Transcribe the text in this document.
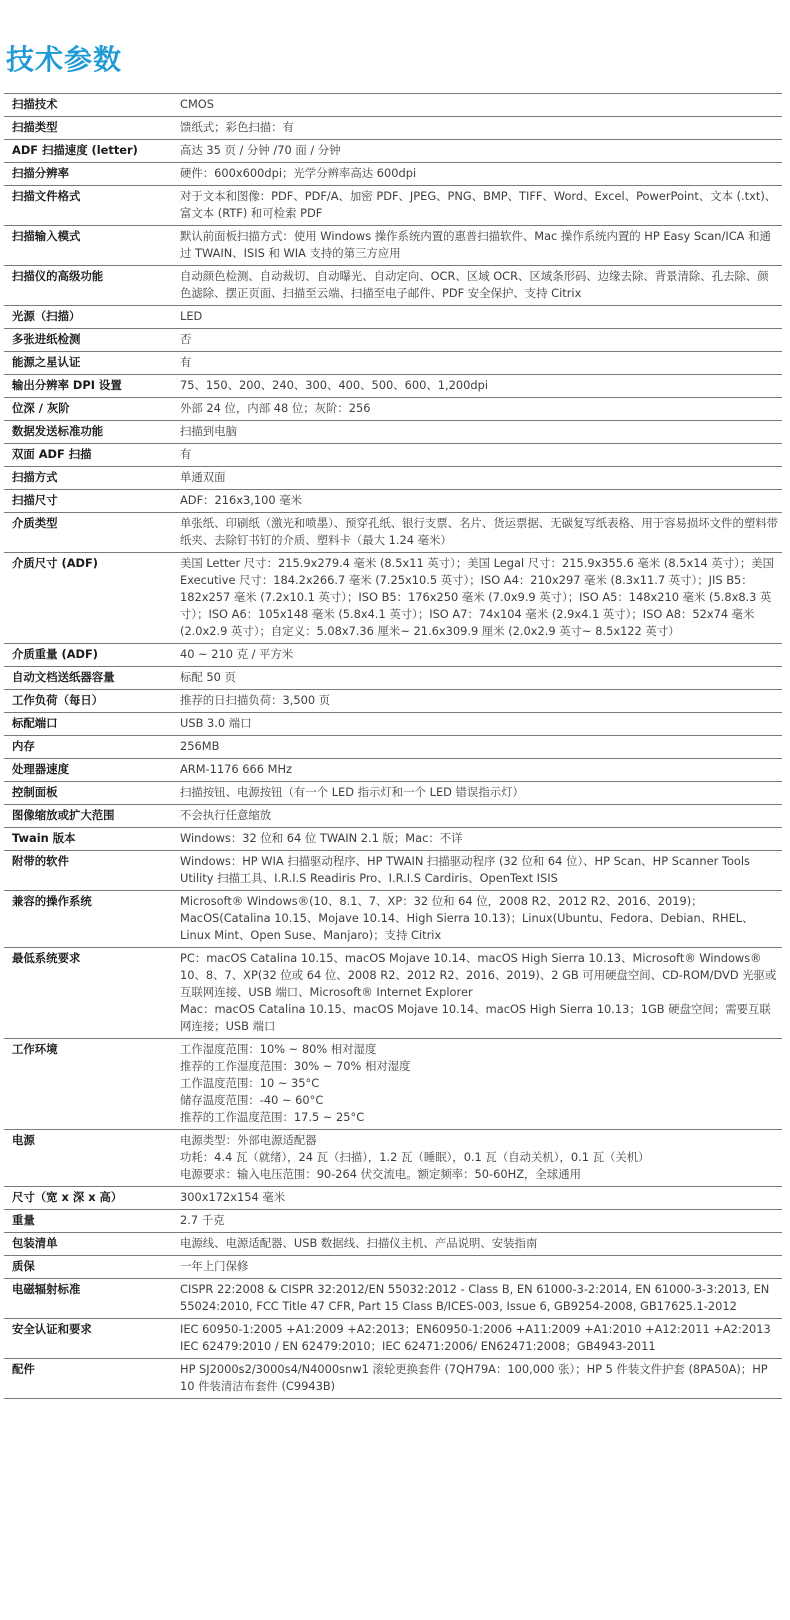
技术参数
扫描技术	CMOS
扫描类型	馈纸式；彩色扫描：有
ADF 扫描速度 (letter)	高达 35 页 / 分钟 /70 面 / 分钟
扫描分辨率	硬件：600x600dpi；光学分辨率高达 600dpi
扫描文件格式	对于文本和图像：PDF、PDF/A、加密 PDF、JPEG、PNG、BMP、TIFF、Word、Excel、PowerPoint、文本 (.txt)、富文本 (RTF) 和可检索 PDF
扫描输入模式	默认前面板扫描方式：使用 Windows 操作系统内置的惠普扫描软件、Mac 操作系统内置的 HP Easy Scan/ICA 和通过 TWAIN、ISIS 和 WIA 支持的第三方应用
扫描仪的高级功能	自动颜色检测、自动裁切、自动曝光、自动定向、OCR、区域 OCR、区域条形码、边缘去除、背景清除、孔去除、颜色滤除、摆正页面、扫描至云端、扫描至电子邮件、PDF 安全保护、支持 Citrix
光源（扫描）	LED
多张进纸检测	否
能源之星认证	有
输出分辨率 DPI 设置	75、150、200、240、300、400、500、600、1,200dpi
位深 / 灰阶	外部 24 位，内部 48 位；灰阶：256
数据发送标准功能	扫描到电脑
双面 ADF 扫描	有
扫描方式	单通双面
扫描尺寸	ADF：216x3,100 毫米
介质类型	单张纸、印刷纸（激光和喷墨）、预穿孔纸、银行支票、名片、货运票据、无碳复写纸表格、用于容易损坏文件的塑料带纸夹、去除钉书钉的介质、塑料卡（最大 1.24 毫米）
介质尺寸 (ADF)	美国 Letter 尺寸：215.9x279.4 毫米 (8.5x11 英寸）；美国 Legal 尺寸：215.9x355.6 毫米 (8.5x14 英寸）；美国 Executive 尺寸：184.2x266.7 毫米 (7.25x10.5 英寸）；ISO A4：210x297 毫米 (8.3x11.7 英寸）；JIS B5：182x257 毫米 (7.2x10.1 英寸）；ISO B5：176x250 毫米 (7.0x9.9 英寸）；ISO A5：148x210 毫米 (5.8x8.3 英寸）；ISO A6：105x148 毫米 (5.8x4.1 英寸）；ISO A7：74x104 毫米 (2.9x4.1 英寸）；ISO A8：52x74 毫米 (2.0x2.9 英寸）；自定义：5.08x7.36 厘米~ 21.6x309.9 厘米 (2.0x2.9 英寸~ 8.5x122 英寸）
介质重量 (ADF)	40 ~ 210 克 / 平方米
自动文档送纸器容量	标配 50 页
工作负荷（每日）	推荐的日扫描负荷：3,500 页
标配端口	USB 3.0 端口
内存	256MB
处理器速度	ARM-1176 666 MHz
控制面板	扫描按钮、电源按钮（有一个 LED 指示灯和一个 LED 错误指示灯）
图像缩放或扩大范围	不会执行任意缩放
Twain 版本	Windows：32 位和 64 位 TWAIN 2.1 版；Mac：不详
附带的软件	Windows：HP WIA 扫描驱动程序、HP TWAIN 扫描驱动程序 (32 位和 64 位）、HP Scan、HP Scanner Tools Utility 扫描工具、I.R.I.S Readiris Pro、I.R.I.S Cardiris、OpenText ISIS
兼容的操作系统	Microsoft® Windows®(10、8.1、7、XP：32 位和 64 位，2008 R2、2012 R2、2016、2019)；MacOS(Catalina 10.15、Mojave 10.14、High Sierra 10.13)；Linux(Ubuntu、Fedora、Debian、RHEL、Linux Mint、Open Suse、Manjaro)；支持 Citrix
最低系统要求	PC：macOS Catalina 10.15、macOS Mojave 10.14、macOS High Sierra 10.13、Microsoft® Windows® 10、8、7、XP(32 位或 64 位、2008 R2、2012 R2、2016、2019)、2 GB 可用硬盘空间、CD-ROM/DVD 光驱或互联网连接、USB 端口、Microsoft® Internet Explorer
Mac：macOS Catalina 10.15、macOS Mojave 10.14、macOS High Sierra 10.13；1GB 硬盘空间；需要互联网连接；USB 端口
工作环境	工作湿度范围：10% ~ 80% 相对湿度
推荐的工作湿度范围：30% ~ 70% 相对湿度
工作温度范围：10 ~ 35°C
储存温度范围：-40 ~ 60°C
推荐的工作温度范围：17.5 ~ 25°C
电源	电源类型：外部电源适配器
功耗：4.4 瓦（就绪），24 瓦（扫描），1.2 瓦（睡眠），0.1 瓦（自动关机），0.1 瓦（关机）
电源要求：输入电压范围：90-264 伏交流电。额定频率：50-60HZ，全球通用
尺寸（宽 x 深 x 高）	300x172x154 毫米
重量	2.7 千克
包装清单	电源线、电源适配器、USB 数据线、扫描仪主机、产品说明、安装指南
质保	一年上门保修
电磁辐射标准	CISPR 22:2008 & CISPR 32:2012/EN 55032:2012 - Class B, EN 61000-3-2:2014, EN 61000-3-3:2013, EN 55024:2010, FCC Title 47 CFR, Part 15 Class B/ICES-003, Issue 6, GB9254-2008, GB17625.1-2012
安全认证和要求	IEC 60950-1:2005 +A1:2009 +A2:2013；EN60950-1:2006 +A11:2009 +A1:2010 +A12:2011 +A2:2013 IEC 62479:2010 / EN 62479:2010；IEC 62471:2006/ EN62471:2008；GB4943-2011
配件	HP SJ2000s2/3000s4/N4000snw1 滚轮更换套件 (7QH79A：100,000 张）；HP 5 件装文件护套 (8PA50A)；HP 10 件装清洁布套件 (C9943B)
